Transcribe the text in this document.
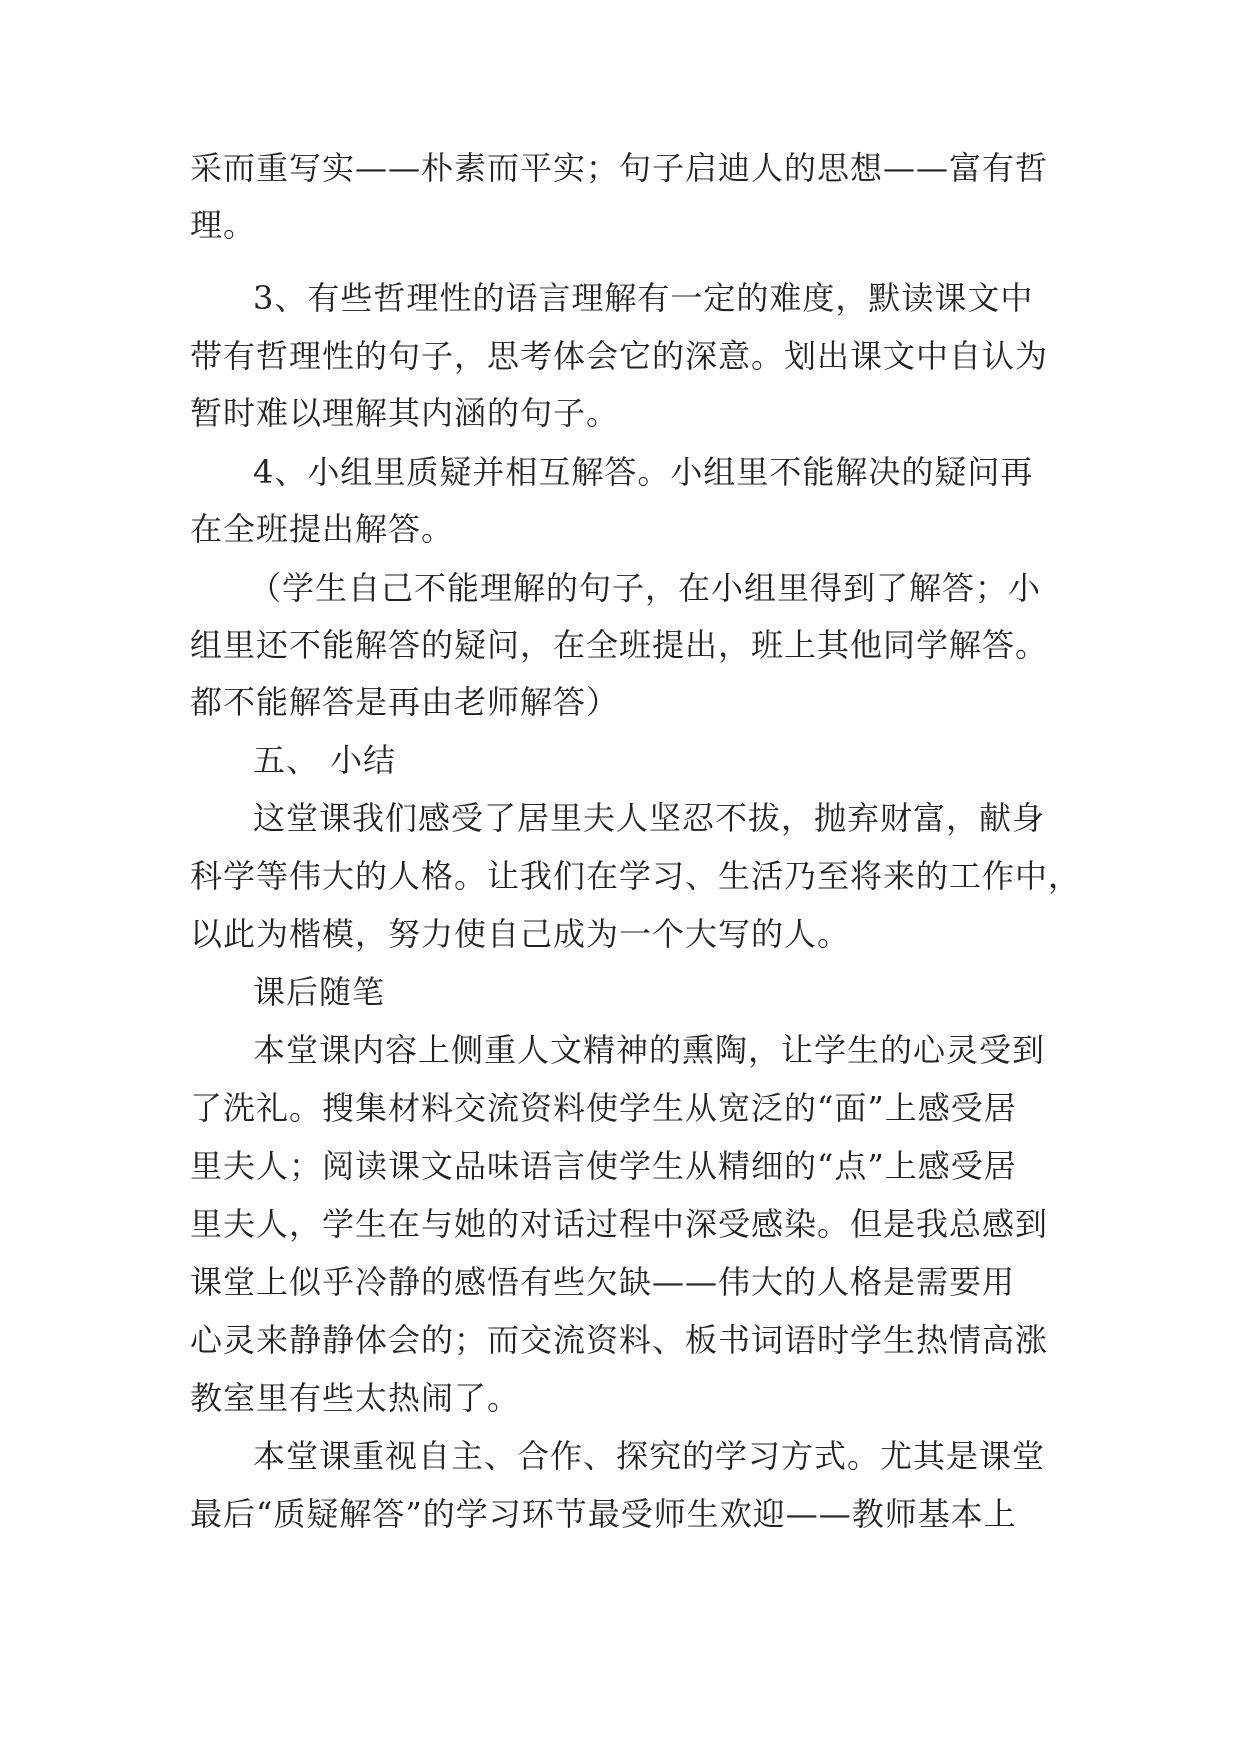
采而重写实——朴素而平实；句子启迪人的思想——富有哲
理。
3、有些哲理性的语言理解有一定的难度，默读课文中
带有哲理性的句子，思考体会它的深意。划出课文中自认为
暂时难以理解其内涵的句子。
4、小组里质疑并相互解答。小组里不能解决的疑问再
在全班提出解答。
（学生自己不能理解的句子，在小组里得到了解答；小
组里还不能解答的疑问，在全班提出，班上其他同学解答。
都不能解答是再由老师解答）
五、 小结
这堂课我们感受了居里夫人坚忍不拔，抛弃财富，献身
科学等伟大的人格。让我们在学习、生活乃至将来的工作中，
以此为楷模，努力使自己成为一个大写的人。
课后随笔
本堂课内容上侧重人文精神的熏陶，让学生的心灵受到
了洗礼。搜集材料交流资料使学生从宽泛的“面”上感受居
里夫人；阅读课文品味语言使学生从精细的“点”上感受居
里夫人，学生在与她的对话过程中深受感染。但是我总感到
课堂上似乎冷静的感悟有些欠缺——伟大的人格是需要用
心灵来静静体会的；而交流资料、板书词语时学生热情高涨
教室里有些太热闹了。
本堂课重视自主、合作、探究的学习方式。尤其是课堂
最后“质疑解答”的学习环节最受师生欢迎——教师基本上
